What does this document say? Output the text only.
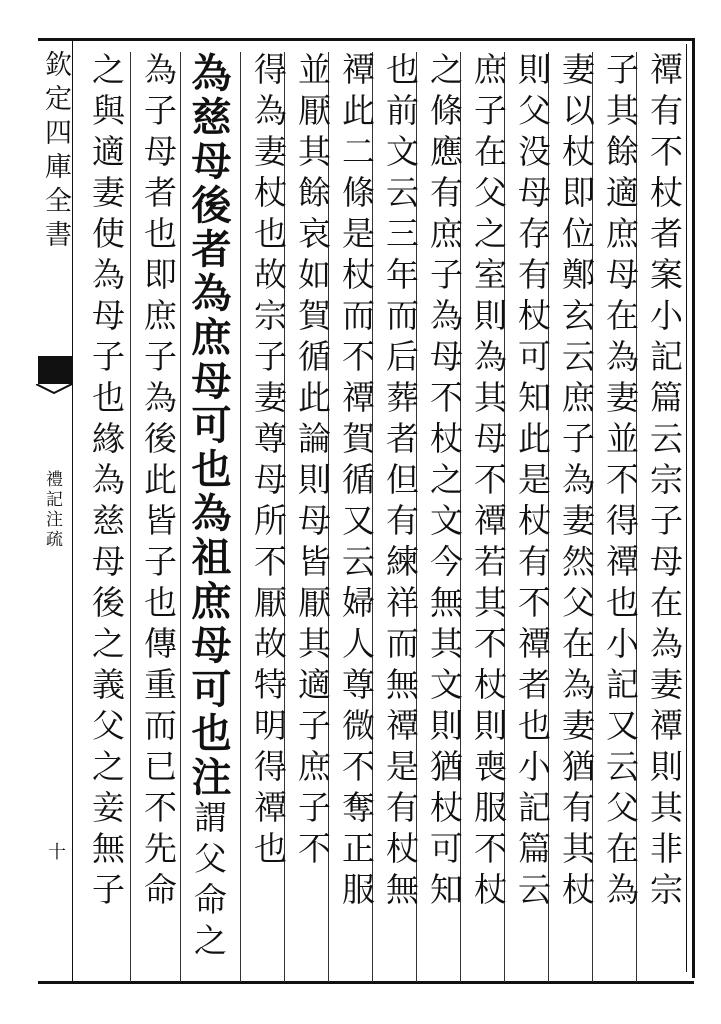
欽定四庫全書
禮記注疏
十	禫有不杖者案小記篇云宗子母在為妻禫則其非宗
子其餘適庶母在為妻並不得禫也小記又云父在為
妻以杖即位鄭玄云庶子為妻然父在為妻猶有其杖
則父没母存有杖可知此是杖有不禫者也小記篇云
庶子在父之室則為其母不禫若其不杖則喪服不杖
之條應有庶子為母不杖之文今無其文則猶杖可知
也前文云三年而后葬者但有練祥而無禫是有杖無
禫此二條是杖而不禫賀循又云婦人尊微不奪正服
並厭其餘哀如賀循此論則母皆厭其適子庶子不
得為妻杖也故宗子妻尊母所不厭故特明得禫也
為慈母後者為庶母可也為祖庶母可也注謂父命之
為子母者也即庶子為後此皆子也傳重而已不先命
之與適妻使為母子也緣為慈母後之義父之妾無子
